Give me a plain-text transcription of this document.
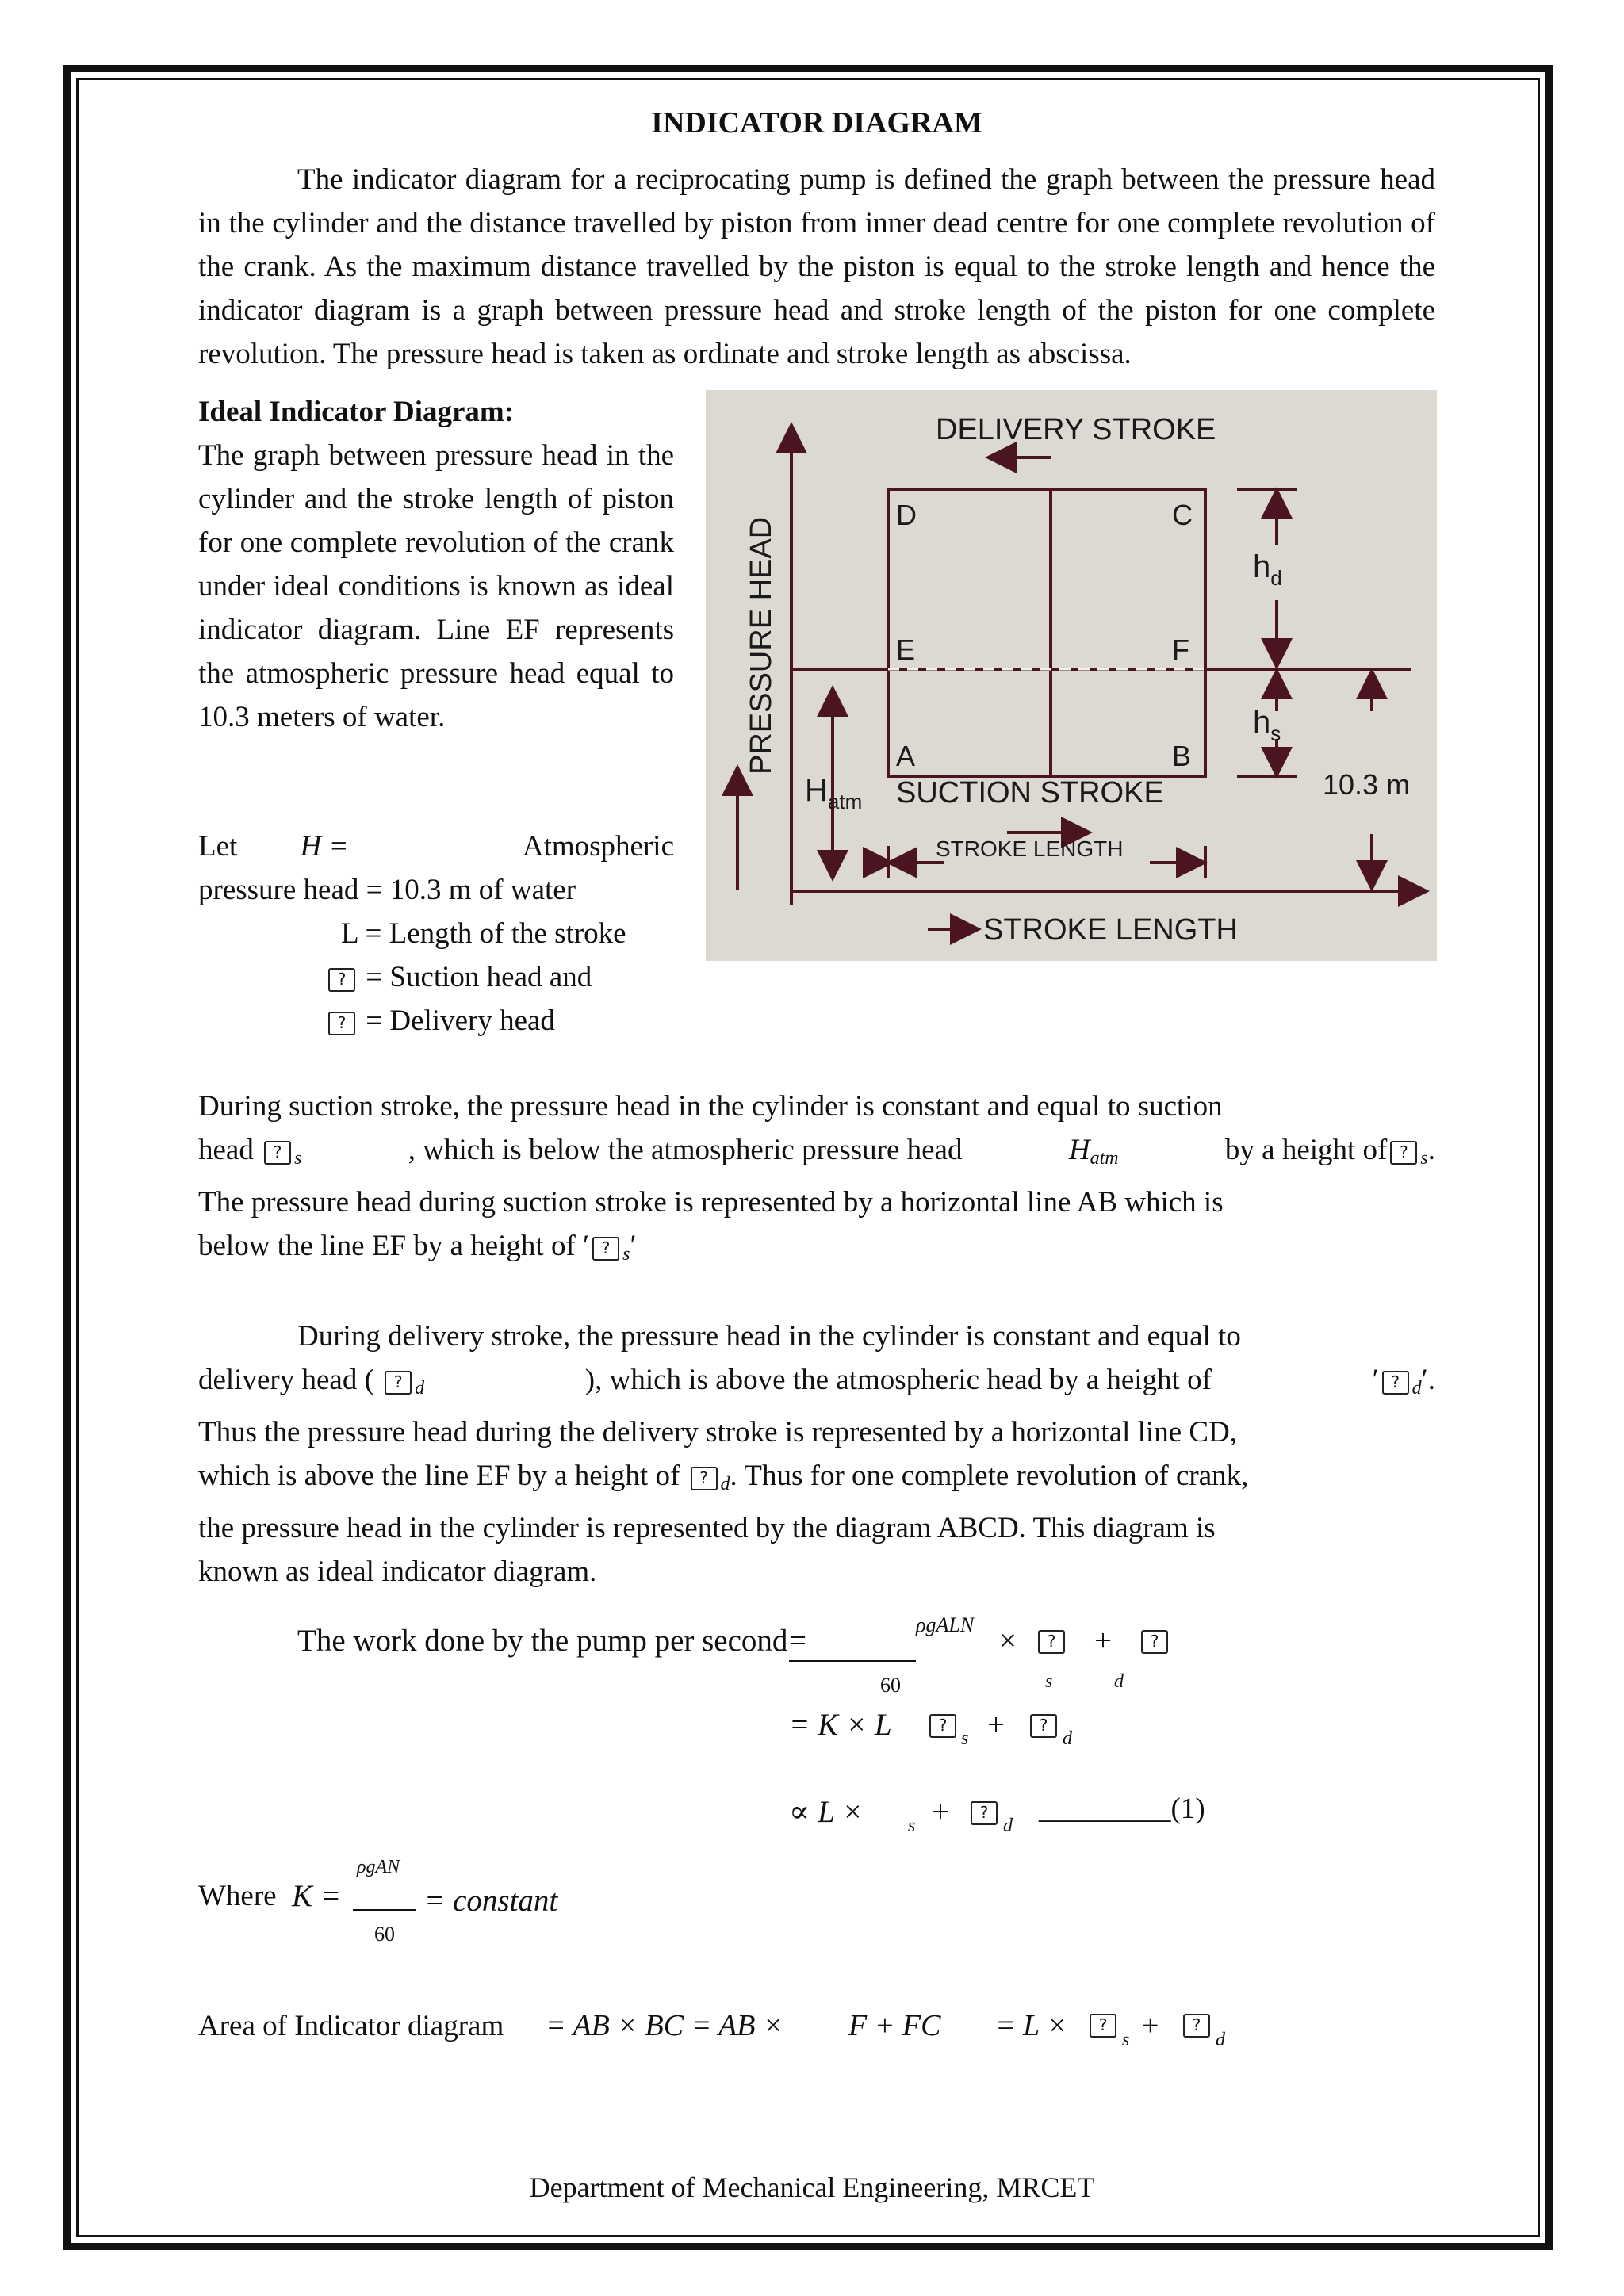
INDICATOR DIAGRAM

The indicator diagram for a reciprocating pump is defined the graph between the pressure head in the cylinder and the distance travelled by piston from inner dead centre for one complete revolution of the crank. As the maximum distance travelled by the piston is equal to the stroke length and hence the indicator diagram is a graph between pressure head and stroke length of the piston for one complete revolution. The pressure head is taken as ordinate and stroke length as abscissa.

Ideal Indicator Diagram:

The graph between pressure head in the cylinder and the stroke length of piston for one complete revolution of the crank under ideal conditions is known as ideal indicator diagram. Line EF represents the atmospheric pressure head equal to 10.3 meters of water.

Let H =	Atmospheric

pressure head = 10.3 m of water

L = Length of the stroke

? = Suction head and

? = Delivery head

DELIVERY STROKE
D	C
E	F
A	B
$h_d$
$h_s$
$H_{atm}$ SUCTION STROKE	10.3 m
STROKE LENGTH
STROKE LENGTH
PRESSURE HEAD

During suction stroke, the pressure head in the cylinder is constant and equal to suction

head ? $_s$	, which is below the atmospheric pressure head	$H_{atm}$	by a height of ? $_s$.

The pressure head during suction stroke is represented by a horizontal line AB which is

below the line EF by a height of ′ ? $_s$′

During delivery stroke, the pressure head in the cylinder is constant and equal to

delivery head ( ? $_d$	), which is above the atmospheric head by a height of	′ ? $_d$′.

Thus the pressure head during the delivery stroke is represented by a horizontal line CD,

which is above the line EF by a height of ? $_d$. Thus for one complete revolution of crank,

the pressure head in the cylinder is represented by the diagram ABCD. This diagram is

known as ideal indicator diagram.

The work done by the pump per second =	ρgALN
60
×	? +	?
s	d
= K × L	?
s +	?
d
∝ L × s +	?
d
_________(1)
Where K =
ρgAN
60
= constant
Area of Indicator diagram = AB × BC = AB × F + FC = L ×	?
s +	?
d
Department of Mechanical Engineering, MRCET
